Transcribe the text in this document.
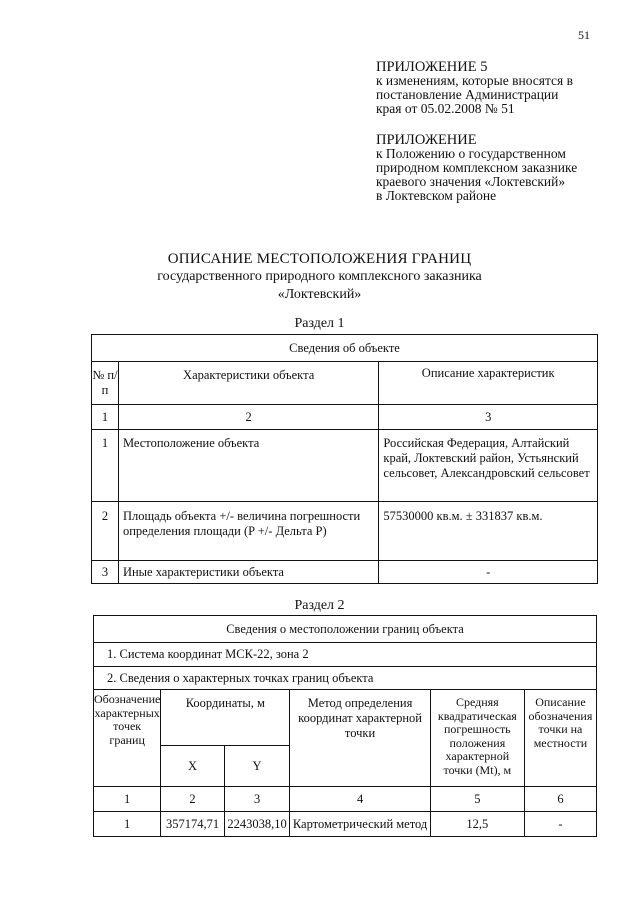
51
ПРИЛОЖЕНИЕ 5
к изменениям, которые вносятся в
постановление Администрации
края от 05.02.2008 № 51
ПРИЛОЖЕНИЕ
к Положению о государственном
природном комплексном заказнике
краевого значения «Локтевский»
в Локтевском районе
ОПИСАНИЕ МЕСТОПОЛОЖЕНИЯ ГРАНИЦ
государственного природного комплексного заказника
«Локтевский»
Раздел 1
Сведения об объекте		
№ п/п	Характеристики объекта	Описание характеристик
1	2	3
1	Местоположение объекта	Российская Федерация, Алтайский край, Локтевский район, Устьянский сельсовет, Александровский сельсовет
2	Площадь объекта +/- величина погрешности определения площади (P +/- Дельта P)	57530000 кв.м. ± 331837 кв.м.
3	Иные характеристики объекта	-
Раздел 2
Сведения о местоположении границ объекта					
1. Система координат МСК-22, зона 2					
2. Сведения о характерных точках границ объекта					
Обозначение характерных точек границ	Координаты, м		Метод определения координат характерной точки	Средняя квадратическая погрешность положения характерной точки (Mt), м	Описание обозначения точки на местности
	X	Y			
1	2	3	4	5	6
1	357174,71	2243038,10	Картометрический метод	12,5	-
